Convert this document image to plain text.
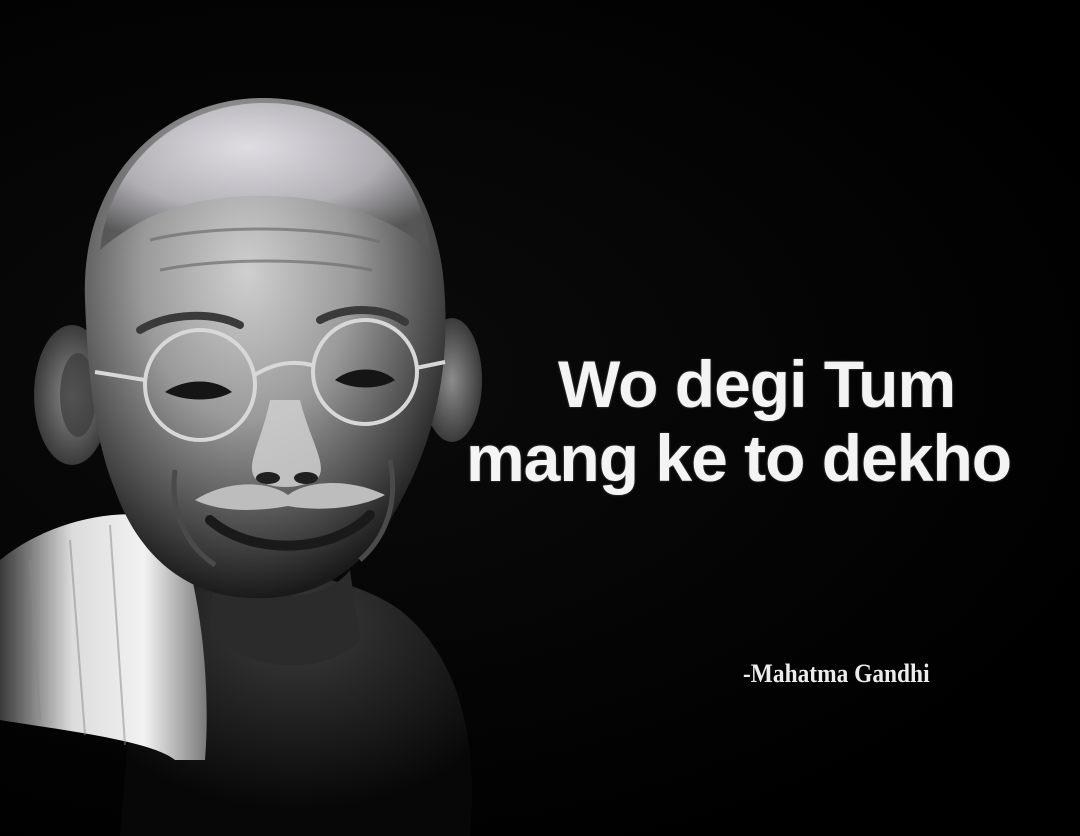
Wo degi Tum
mang ke to dekho
-Mahatma Gandhi
